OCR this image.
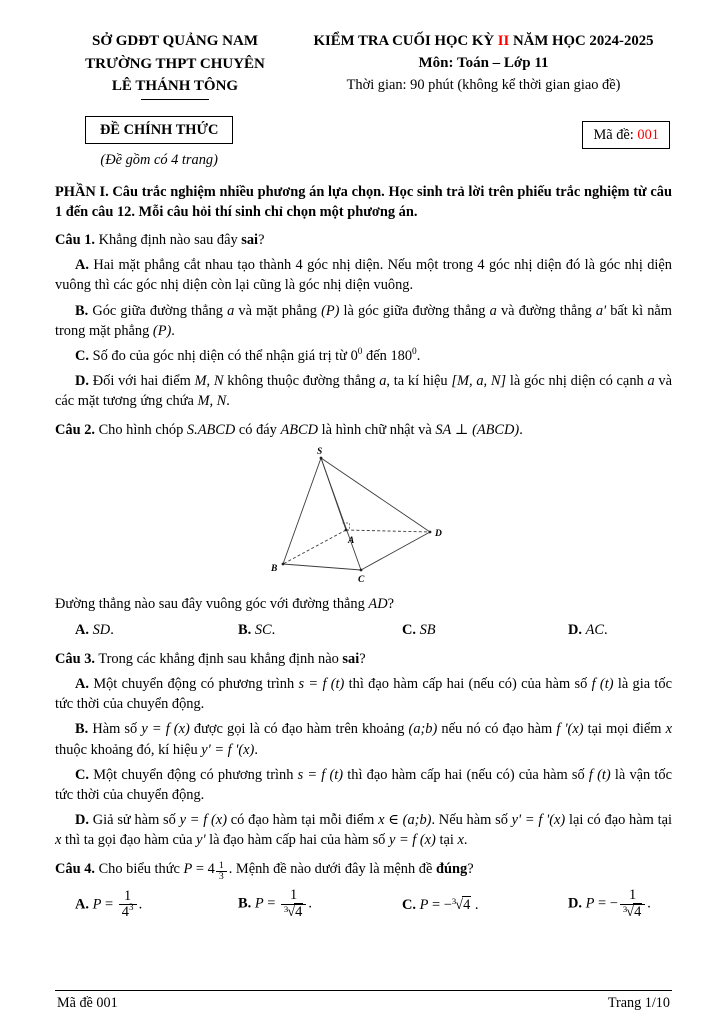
SỞ GDĐT QUẢNG NAM
TRƯỜNG THPT CHUYÊN
LÊ THÁNH TÔNG
KIỂM TRA CUỐI HỌC KỲ II NĂM HỌC 2024-2025
Môn: Toán – Lớp 11
Thời gian: 90 phút (không kể thời gian giao đề)
ĐỀ CHÍNH THỨC
(Đề gồm có 4 trang)
Mã đề: 001

PHẦN I. Câu trắc nghiệm nhiều phương án lựa chọn. Học sinh trả lời trên phiếu trắc nghiệm từ câu 1 đến câu 12. Mỗi câu hỏi thí sinh chỉ chọn một phương án.

Câu 1. Khẳng định nào sau đây sai?

A. Hai mặt phẳng cắt nhau tạo thành 4 góc nhị diện. Nếu một trong 4 góc nhị diện đó là góc nhị diện vuông thì các góc nhị diện còn lại cũng là góc nhị diện vuông.

B. Góc giữa đường thẳng a và mặt phẳng (P) là góc giữa đường thẳng a và đường thẳng a' bất kì nằm trong mặt phẳng (P).

C. Số đo của góc nhị diện có thể nhận giá trị từ $0^0$ đến $180^0$.

D. Đối với hai điểm M, N không thuộc đường thẳng a, ta kí hiệu [M, a, N] là góc nhị diện có cạnh a và các mặt tương ứng chứa M, N.

Câu 2. Cho hình chóp S.ABCD có đáy ABCD là hình chữ nhật và SA ⊥ (ABCD).

S
A
B
C
D

Đường thẳng nào sau đây vuông góc với đường thẳng AD?

A. SD.	B. SC.	C. SB	D. AC.

Câu 3. Trong các khẳng định sau khẳng định nào sai?

A. Một chuyển động có phương trình s = f (t) thì đạo hàm cấp hai (nếu có) của hàm số f (t) là gia tốc tức thời của chuyển động.

B. Hàm số y = f (x) được gọi là có đạo hàm trên khoảng (a;b) nếu nó có đạo hàm f '(x) tại mọi điểm x thuộc khoảng đó, kí hiệu y' = f '(x).

C. Một chuyển động có phương trình s = f (t) thì đạo hàm cấp hai (nếu có) của hàm số f (t) là vận tốc tức thời của chuyển động.

D. Giả sử hàm số y = f (x) có đạo hàm tại mỗi điểm x ∈ (a;b). Nếu hàm số y' = f '(x) lại có đạo hàm tại x thì ta gọi đạo hàm của y' là đạo hàm cấp hai của hàm số y = f (x) tại x.

Câu 4. Cho biểu thức $P = 4 \frac{1}{3}$ . Mệnh đề nào dưới đây là mệnh đề đúng?

A. $P = \frac{1}{4^3}$ .	B. $P = \frac{1}{^3√4}$ .	C. P = −$^3$√4 .	D. P = − $\frac{1}{^3√4}$ .
Mã đề 001	Trang 1/10
